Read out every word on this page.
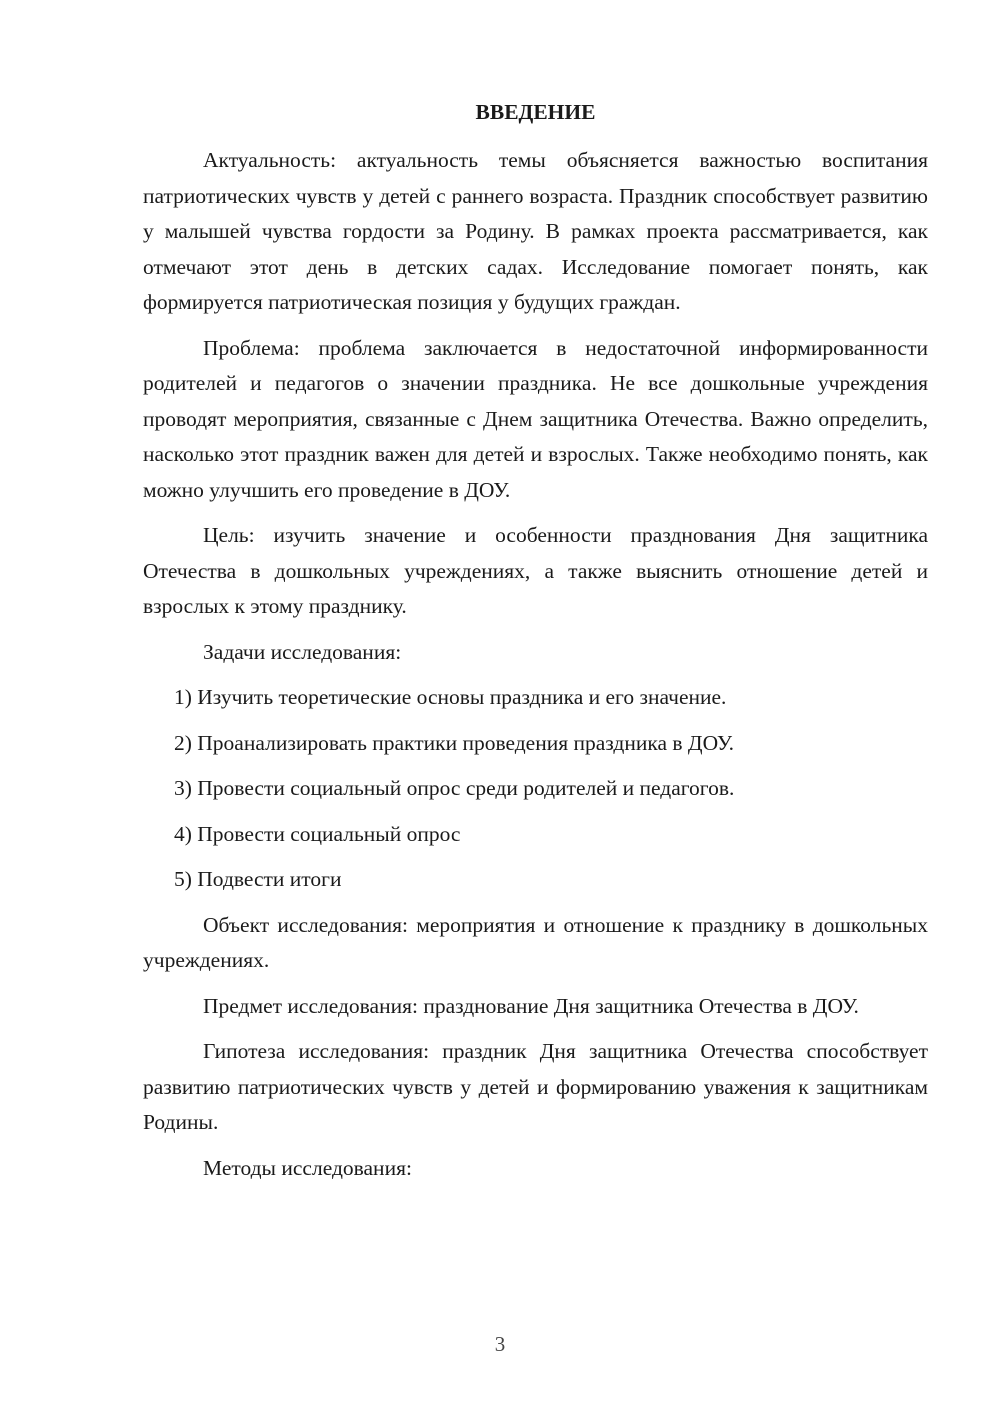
ВВЕДЕНИЕ

Актуальность: актуальность темы объясняется важностью воспитания патриотических чувств у детей с раннего возраста. Праздник способствует развитию у малышей чувства гордости за Родину. В рамках проекта рассматривается, как отмечают этот день в детских садах. Исследование помогает понять, как формируется патриотическая позиция у будущих граждан.

Проблема: проблема заключается в недостаточной информированности родителей и педагогов о значении праздника. Не все дошкольные учреждения проводят мероприятия, связанные с Днем защитника Отечества. Важно определить, насколько этот праздник важен для детей и взрослых. Также необходимо понять, как можно улучшить его проведение в ДОУ.

Цель: изучить значение и особенности празднования Дня защитника Отечества в дошкольных учреждениях, а также выяснить отношение детей и взрослых к этому празднику.

Задачи исследования:

1) Изучить теоретические основы праздника и его значение.
2) Проанализировать практики проведения праздника в ДОУ.
3) Провести социальный опрос среди родителей и педагогов.
4) Провести социальный опрос
5) Подвести итоги

Объект исследования: мероприятия и отношение к празднику в дошкольных учреждениях.

Предмет исследования: празднование Дня защитника Отечества в ДОУ.

Гипотеза исследования: праздник Дня защитника Отечества способствует развитию патриотических чувств у детей и формированию уважения к защитникам Родины.

Методы исследования:

3
